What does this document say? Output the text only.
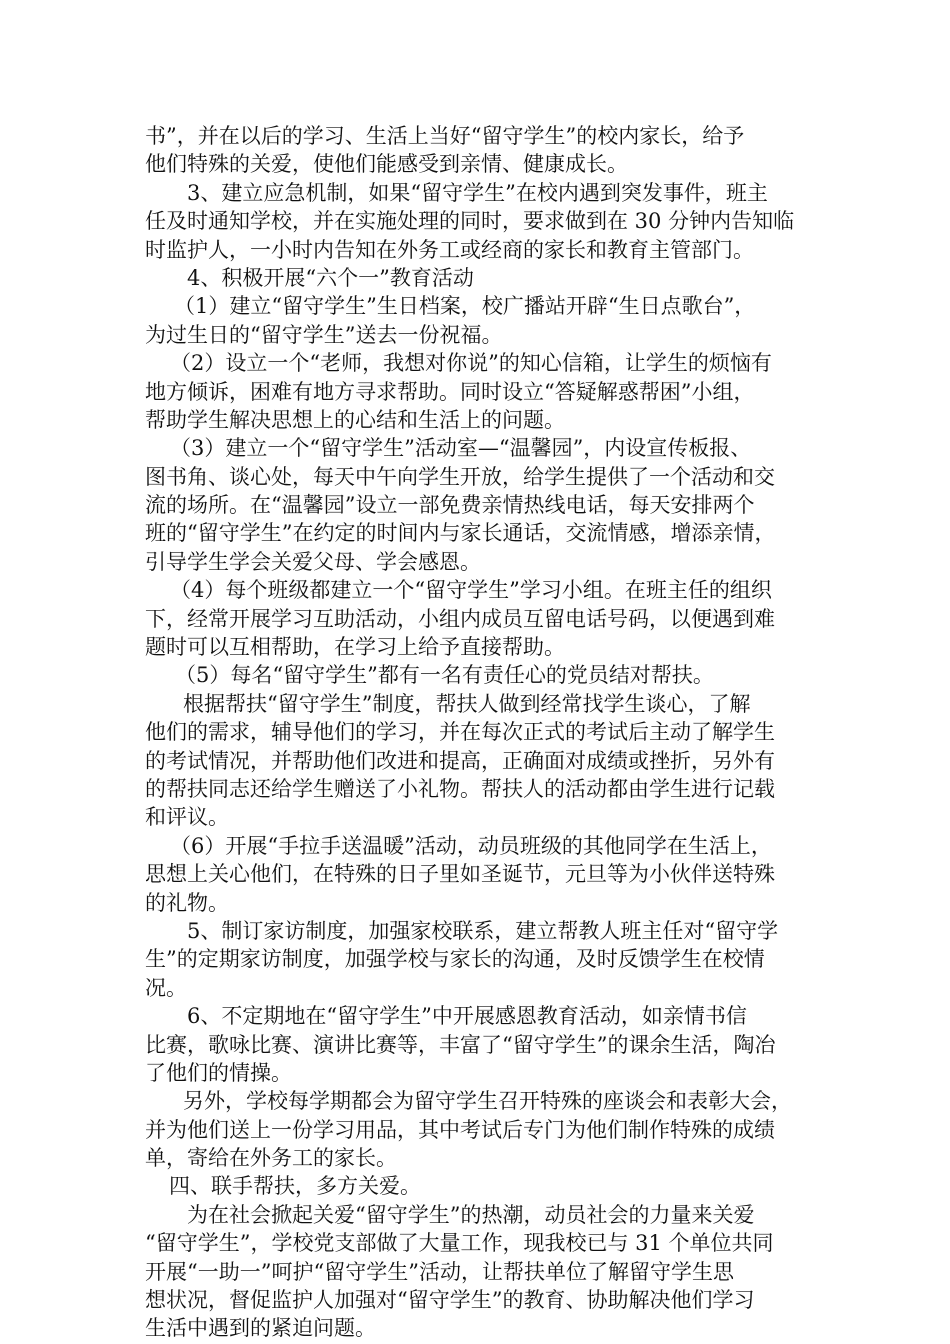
书”，并在以后的学习、生活上当好“留守学生”的校内家长，给予
他们特殊的关爱，使他们能感受到亲情、健康成长。
3、建立应急机制，如果“留守学生”在校内遇到突发事件，班主
任及时通知学校，并在实施处理的同时，要求做到在 30 分钟内告知临
时监护人，一小时内告知在外务工或经商的家长和教育主管部门。
4、积极开展“六个一”教育活动
（1）建立“留守学生”生日档案，校广播站开辟“生日点歌台”，
为过生日的“留守学生”送去一份祝福。
（2）设立一个“老师，我想对你说”的知心信箱，让学生的烦恼有
地方倾诉，困难有地方寻求帮助。同时设立“答疑解惑帮困”小组，
帮助学生解决思想上的心结和生活上的问题。
（3）建立一个“留守学生”活动室—“温馨园”，内设宣传板报、
图书角、谈心处，每天中午向学生开放，给学生提供了一个活动和交
流的场所。在“温馨园”设立一部免费亲情热线电话，每天安排两个
班的“留守学生”在约定的时间内与家长通话，交流情感，增添亲情，
引导学生学会关爱父母、学会感恩。
（4）每个班级都建立一个“留守学生”学习小组。在班主任的组织
下，经常开展学习互助活动，小组内成员互留电话号码，以便遇到难
题时可以互相帮助，在学习上给予直接帮助。
（5）每名“留守学生”都有一名有责任心的党员结对帮扶。
根据帮扶“留守学生”制度，帮扶人做到经常找学生谈心，了解
他们的需求，辅导他们的学习，并在每次正式的考试后主动了解学生
的考试情况，并帮助他们改进和提高，正确面对成绩或挫折，另外有
的帮扶同志还给学生赠送了小礼物。帮扶人的活动都由学生进行记载
和评议。
（6）开展“手拉手送温暖”活动，动员班级的其他同学在生活上，
思想上关心他们，在特殊的日子里如圣诞节，元旦等为小伙伴送特殊
的礼物。
5、制订家访制度，加强家校联系，建立帮教人班主任对“留守学
生”的定期家访制度，加强学校与家长的沟通，及时反馈学生在校情
况。
6、不定期地在“留守学生”中开展感恩教育活动，如亲情书信
比赛，歌咏比赛、演讲比赛等，丰富了“留守学生”的课余生活，陶冶
了他们的情操。
另外，学校每学期都会为留守学生召开特殊的座谈会和表彰大会，
并为他们送上一份学习用品，其中考试后专门为他们制作特殊的成绩
单，寄给在外务工的家长。
四、联手帮扶，多方关爱。
为在社会掀起关爱“留守学生”的热潮，动员社会的力量来关爱
“留守学生”，学校党支部做了大量工作，现我校已与 31 个单位共同
开展“一助一”呵护“留守学生”活动，让帮扶单位了解留守学生思
想状况，督促监护人加强对“留守学生”的教育、协助解决他们学习
生活中遇到的紧迫问题。
